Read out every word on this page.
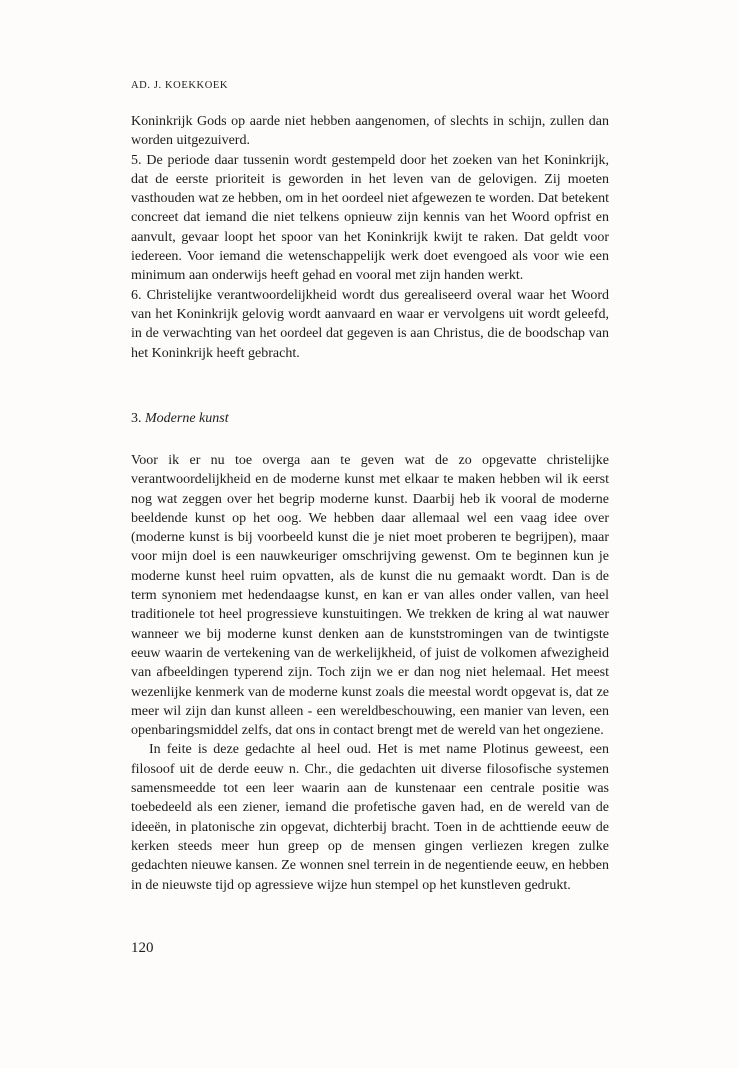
AD. J. KOEKKOEK

Koninkrijk Gods op aarde niet hebben aangenomen, of slechts in schijn, zullen dan worden uitgezuiverd.

5. De periode daar tussenin wordt gestempeld door het zoeken van het Koninkrijk, dat de eerste prioriteit is geworden in het leven van de gelovigen. Zij moeten vasthouden wat ze hebben, om in het oordeel niet afgewezen te worden. Dat betekent concreet dat iemand die niet telkens opnieuw zijn kennis van het Woord opfrist en aanvult, gevaar loopt het spoor van het Koninkrijk kwijt te raken. Dat geldt voor iedereen. Voor iemand die wetenschappelijk werk doet evengoed als voor wie een minimum aan onderwijs heeft gehad en vooral met zijn handen werkt.

6. Christelijke verantwoordelijkheid wordt dus gerealiseerd overal waar het Woord van het Koninkrijk gelovig wordt aanvaard en waar er vervolgens uit wordt geleefd, in de verwachting van het oordeel dat gegeven is aan Christus, die de boodschap van het Koninkrijk heeft gebracht.

3. Moderne kunst

Voor ik er nu toe overga aan te geven wat de zo opgevatte christelijke verantwoordelijkheid en de moderne kunst met elkaar te maken hebben wil ik eerst nog wat zeggen over het begrip moderne kunst. Daarbij heb ik vooral de moderne beeldende kunst op het oog. We hebben daar allemaal wel een vaag idee over (moderne kunst is bij voorbeeld kunst die je niet moet proberen te begrijpen), maar voor mijn doel is een nauwkeuriger omschrijving gewenst. Om te beginnen kun je moderne kunst heel ruim opvatten, als de kunst die nu gemaakt wordt. Dan is de term synoniem met hedendaagse kunst, en kan er van alles onder vallen, van heel traditionele tot heel progressieve kunstuitingen. We trekken de kring al wat nauwer wanneer we bij moderne kunst denken aan de kunststromingen van de twintigste eeuw waarin de vertekening van de werkelijkheid, of juist de volkomen afwezigheid van afbeeldingen typerend zijn. Toch zijn we er dan nog niet helemaal. Het meest wezenlijke kenmerk van de moderne kunst zoals die meestal wordt opgevat is, dat ze meer wil zijn dan kunst alleen - een wereldbeschouwing, een manier van leven, een openbaringsmiddel zelfs, dat ons in contact brengt met de wereld van het ongeziene.

In feite is deze gedachte al heel oud. Het is met name Plotinus geweest, een filosoof uit de derde eeuw n. Chr., die gedachten uit diverse filosofische systemen samensmeedde tot een leer waarin aan de kunstenaar een centrale positie was toebedeeld als een ziener, iemand die profetische gaven had, en de wereld van de ideeën, in platonische zin opgevat, dichterbij bracht. Toen in de achttiende eeuw de kerken steeds meer hun greep op de mensen gingen verliezen kregen zulke gedachten nieuwe kansen. Ze wonnen snel terrein in de negentiende eeuw, en hebben in de nieuwste tijd op agressieve wijze hun stempel op het kunstleven gedrukt.

120
